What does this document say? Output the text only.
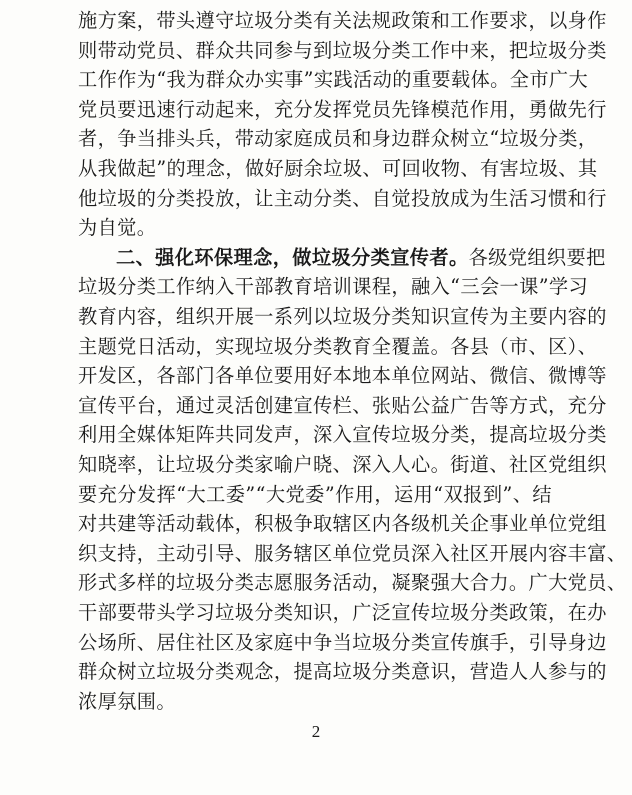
施方案，带头遵守垃圾分类有关法规政策和工作要求，以身作
则带动党员、群众共同参与到垃圾分类工作中来，把垃圾分类
工作作为“我为群众办实事”实践活动的重要载体。全市广大
党员要迅速行动起来，充分发挥党员先锋模范作用，勇做先行
者，争当排头兵，带动家庭成员和身边群众树立“垃圾分类，
从我做起”的理念，做好厨余垃圾、可回收物、有害垃圾、其
他垃圾的分类投放，让主动分类、自觉投放成为生活习惯和行
为自觉。
二、强化环保理念，做垃圾分类宣传者。各级党组织要把
垃圾分类工作纳入干部教育培训课程，融入“三会一课”学习
教育内容，组织开展一系列以垃圾分类知识宣传为主要内容的
主题党日活动，实现垃圾分类教育全覆盖。各县（市、区）、
开发区，各部门各单位要用好本地本单位网站、微信、微博等
宣传平台，通过灵活创建宣传栏、张贴公益广告等方式，充分
利用全媒体矩阵共同发声，深入宣传垃圾分类，提高垃圾分类
知晓率，让垃圾分类家喻户晓、深入人心。街道、社区党组织
要充分发挥“大工委”“大党委”作用，运用“双报到”、结
对共建等活动载体，积极争取辖区内各级机关企事业单位党组
织支持，主动引导、服务辖区单位党员深入社区开展内容丰富、
形式多样的垃圾分类志愿服务活动，凝聚强大合力。广大党员、
干部要带头学习垃圾分类知识，广泛宣传垃圾分类政策，在办
公场所、居住社区及家庭中争当垃圾分类宣传旗手，引导身边
群众树立垃圾分类观念，提高垃圾分类意识，营造人人参与的
浓厚氛围。
2
